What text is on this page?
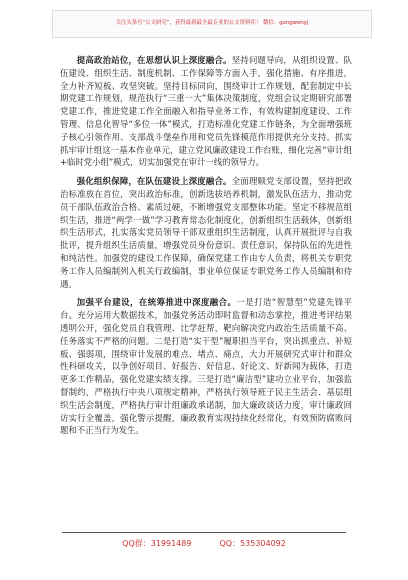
关注头条号“公文研究”，获得最新最全最专业的公文资料库！ 微信：gongwenyj

提高政治站位，在思想认识上深度融合。坚持问题导向，从组织设置、队伍建设、组织生活、制度机制、工作保障等方面入手，强化措施、有序推进，全力补齐短板、攻坚突破。坚持目标同向，围绕审计工作规划，配套制定中长期党建工作规划，规范执行“三重一大”集体决策制度，党组会议定期研究部署党建工作，推进党建工作全面融入和指导业务工作，有效构建制度建设、工作管理、信息化智导“多位一体”模式，打造标准化党建工作链条，为全面增强班子核心引领作用、支部战斗堡垒作用和党员先锋模范作用提供充分支持。抓实抓牢审计组这一基本作业单元，建立党风廉政建设工作台账，细化完善“审计组+临时党小组”模式，切实加强党在审计一线的领导力。

强化组织保障，在队伍建设上深度融合。全面理顺党支部设置，坚持把政治标准放在首位，突出政治标准，创新选拔培养机制，激发队伍活力，推动党员干部队伍政治合格、素质过硬，不断增强党支部整体功能。坚定不移规范组织生活，推进“两学一做”学习教育常态化制度化，创新组织生活载体，创新组织生活形式，扎实落实党员领导干部双重组织生活制度，认真开展批评与自我批评，提升组织生活质量，增强党员身份意识、责任意识，保持队伍的先进性和纯洁性。加强党的建设工作保障，确保党建工作由专人负责，将机关专职党务工作人员编制列入机关行政编制，事业单位保证专职党务工作人员编制和待遇。

加强平台建设，在统筹推进中深度融合。一是打造“智慧型”党建先锋平台。充分运用大数据技术，加强党务活动即时监督和动态掌控，推进考评结果透明公开，强化党员自我管理、比学赶帮，靶向解决党内政治生活质量不高、任务落实不严格的问题。二是打造“实干型”履职担当平台，突出抓重点、补短板、强弱项，围绕审计发展的难点、堵点、痛点，大力开展研究式审计和群众性科研攻关，以争创好项目、好报告、好信息、好论文、好新闻为载体，打造更多工作精品，强化党建实绩支撑。三是打造“廉洁型”建功立业平台，加强监督制约，严格执行中央八项规定精神，严格执行领导班子民主生活会、基层组织生活会制度，严格执行审计组廉政承诺制，加大廉政谈话力度，审计廉政回访实行全覆盖，强化警示提醒，廉政教育实现持续化经常化，有效预防腐败问题和不正当行为发生。

QQ群：31991489	QQ：535304092
